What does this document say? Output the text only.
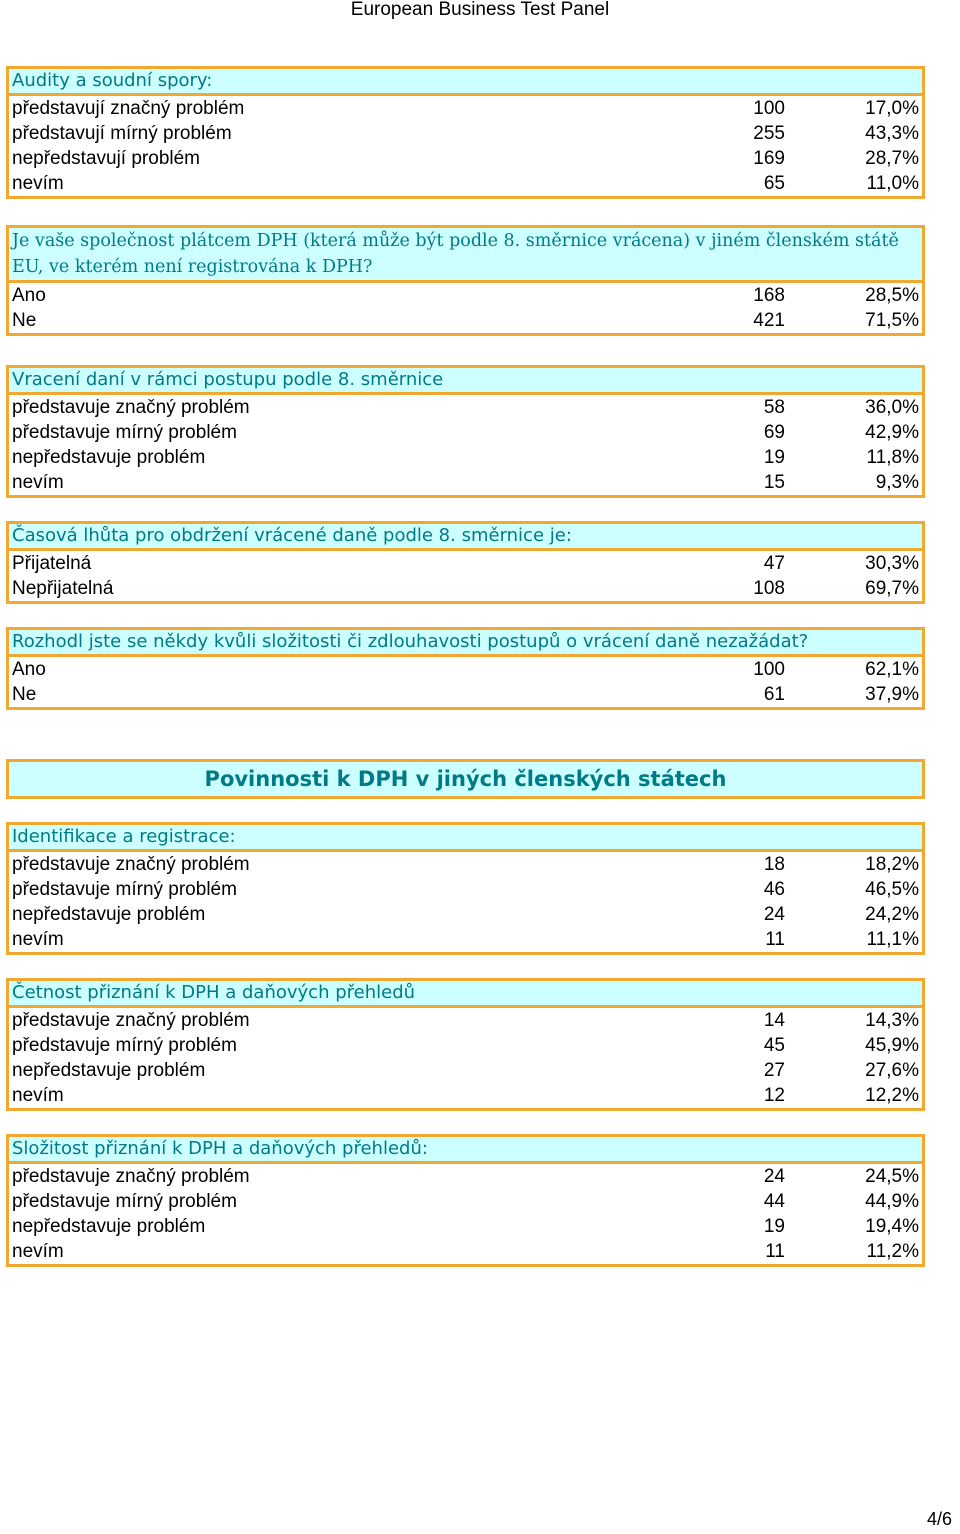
European Business Test Panel
Audity a soudní spory:
představují značný problém	100	17,0%
představují mírný problém	255	43,3%
nepředstavují problém	169	28,7%
nevím	65	11,0%
Je vaše společnost plátcem DPH (která může být podle 8. směrnice vrácena) v jiném členském státě EU, ve kterém není registrována k DPH?
Ano	168	28,5%
Ne	421	71,5%
Vracení daní v rámci postupu podle 8. směrnice
představuje značný problém	58	36,0%
představuje mírný problém	69	42,9%
nepředstavuje problém	19	11,8%
nevím	15	9,3%
Časová lhůta pro obdržení vrácené daně podle 8. směrnice je:
Přijatelná	47	30,3%
Nepřijatelná	108	69,7%
Rozhodl jste se někdy kvůli složitosti či zdlouhavosti postupů o vrácení daně nezažádat?
Ano	100	62,1%
Ne	61	37,9%
Povinnosti k DPH v jiných členských státech
Identifikace a registrace:
představuje značný problém	18	18,2%
představuje mírný problém	46	46,5%
nepředstavuje problém	24	24,2%
nevím	11	11,1%
Četnost přiznání k DPH a daňových přehledů
představuje značný problém	14	14,3%
představuje mírný problém	45	45,9%
nepředstavuje problém	27	27,6%
nevím	12	12,2%
Složitost přiznání k DPH a daňových přehledů:
představuje značný problém	24	24,5%
představuje mírný problém	44	44,9%
nepředstavuje problém	19	19,4%
nevím	11	11,2%
4/6
